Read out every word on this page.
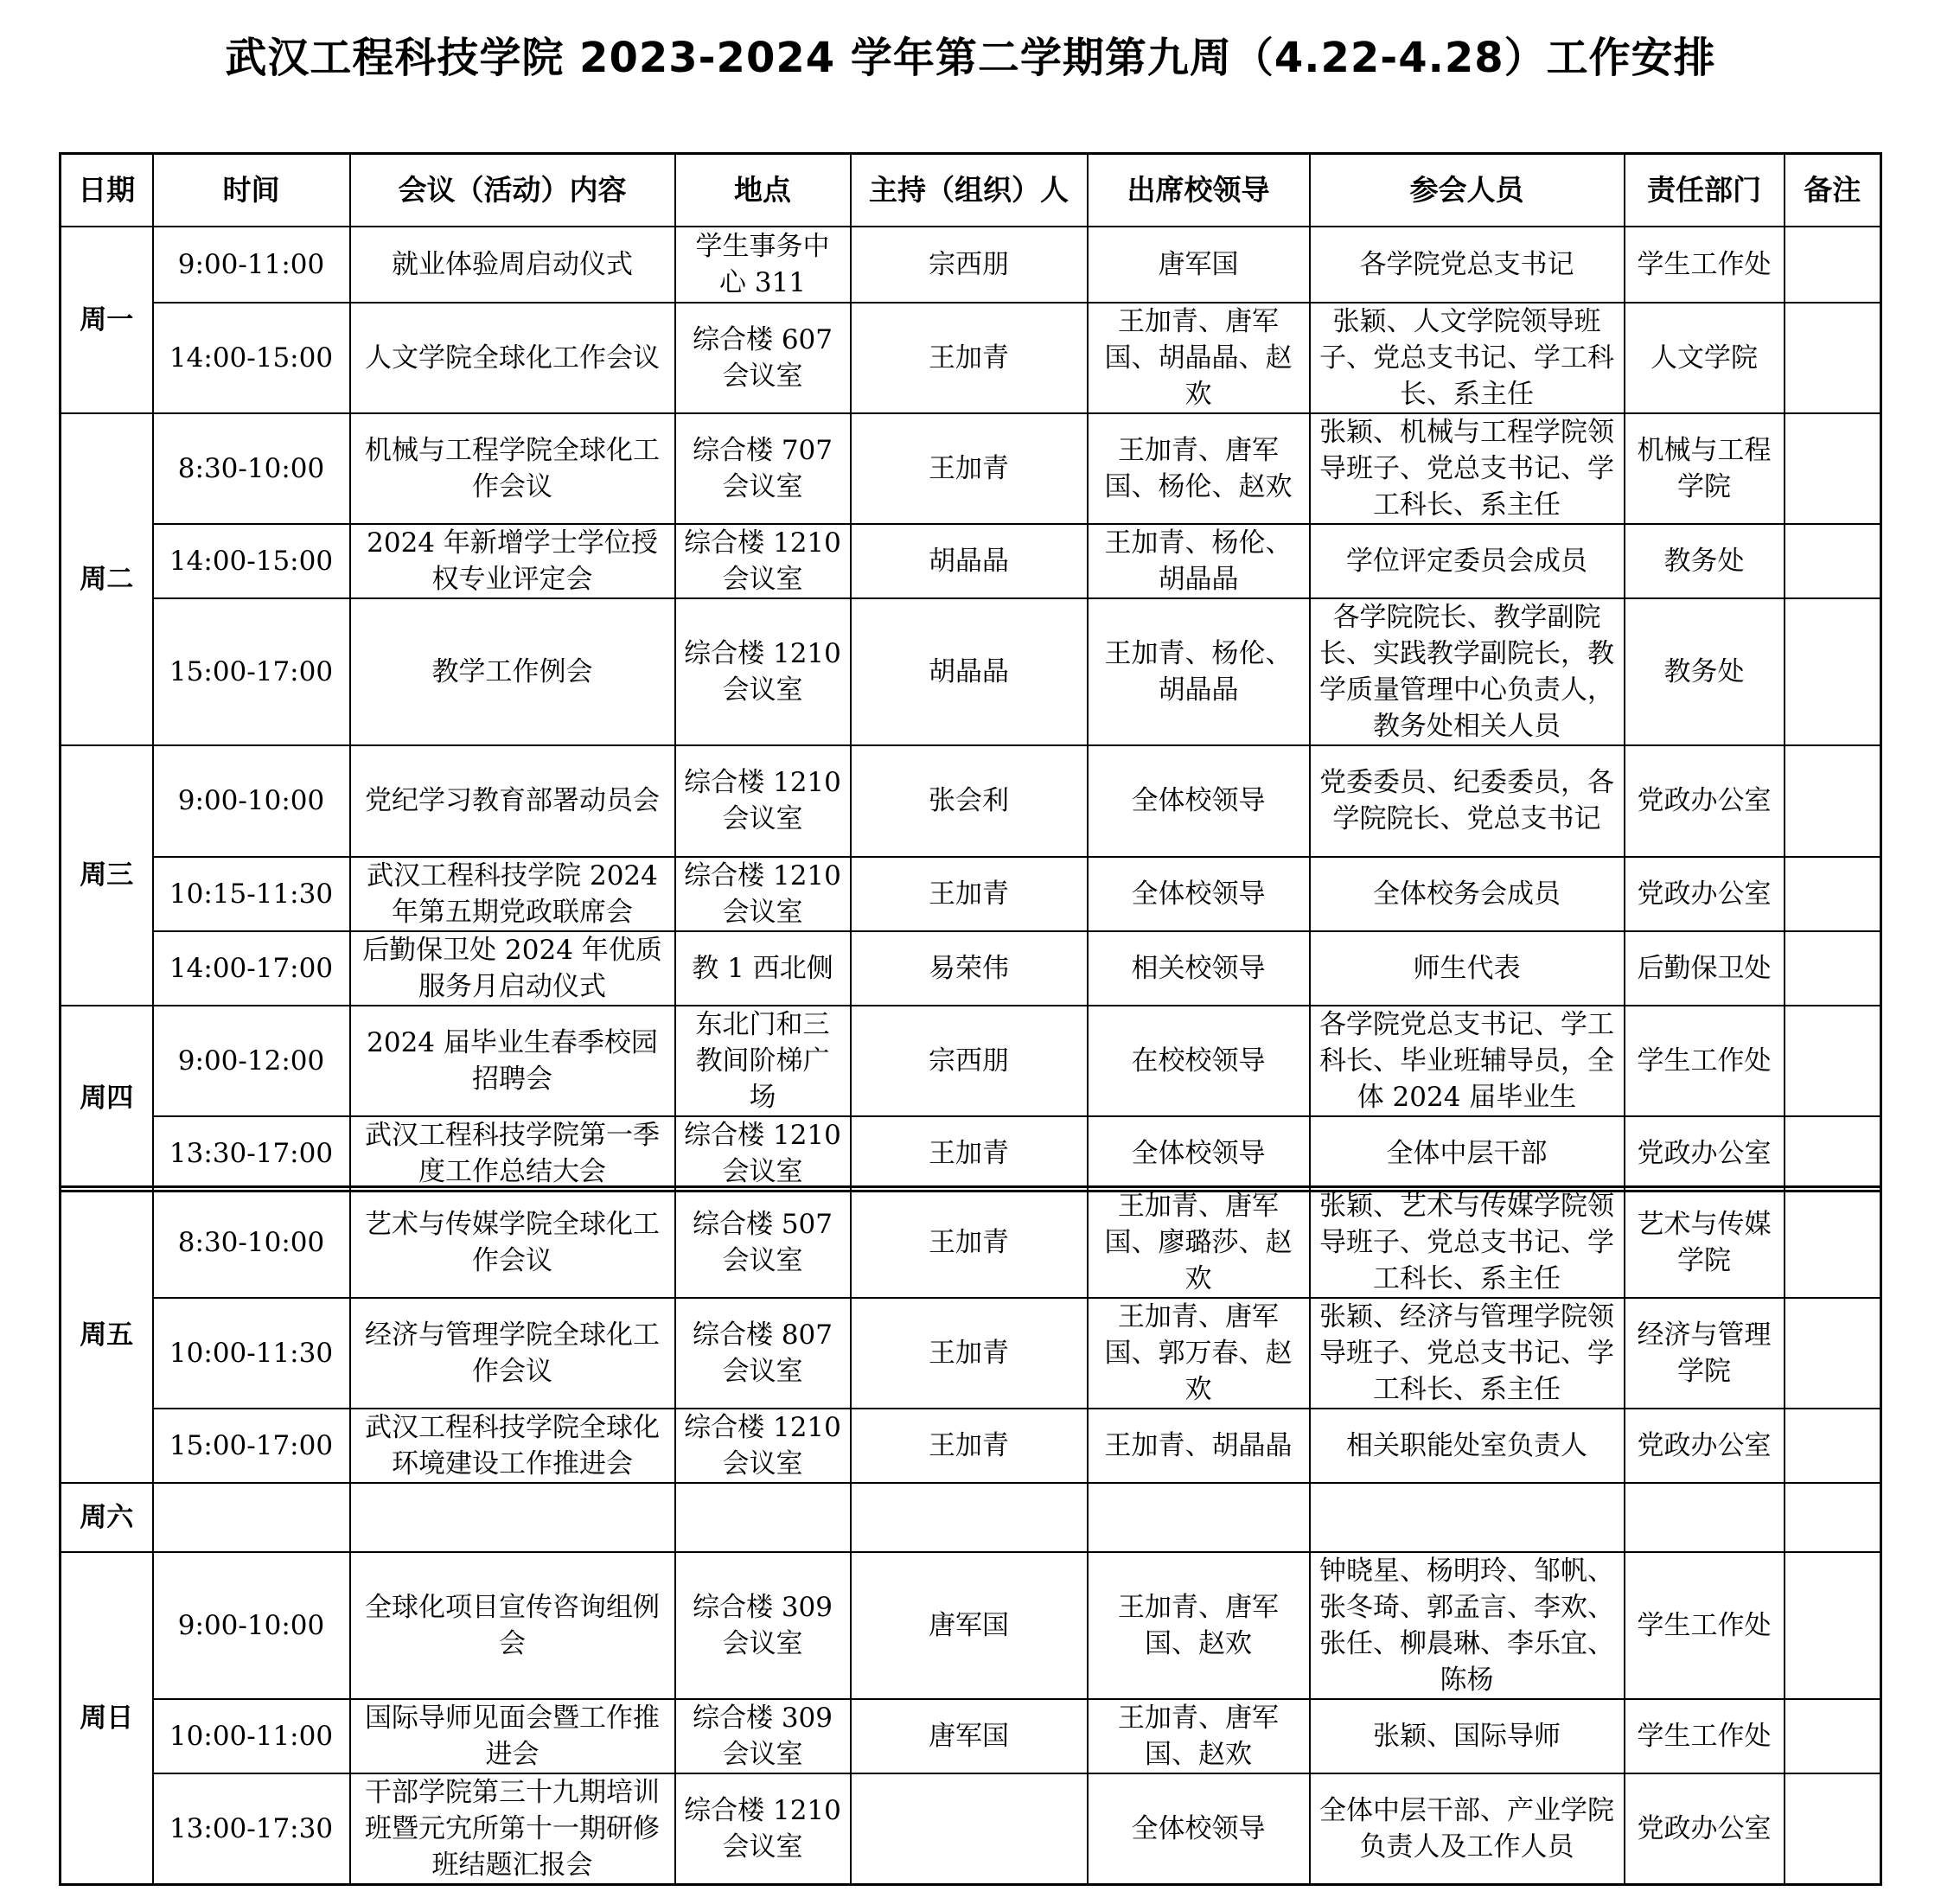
武汉工程科技学院 2023-2024 学年第二学期第九周（4.22-4.28）工作安排
日期	时间	会议（活动）内容	地点	主持（组织）人	出席校领导	参会人员	责任部门	备注
周一	9:00-11:00	就业体验周启动仪式	学生事务中心 311	宗西朋	唐军国	各学院党总支书记	学生工作处	
	14:00-15:00	人文学院全球化工作会议	综合楼 607 会议室	王加青	王加青、唐军国、胡晶晶、赵欢	张颖、人文学院领导班子、党总支书记、学工科长、系主任	人文学院	
周二	8:30-10:00	机械与工程学院全球化工作会议	综合楼 707 会议室	王加青	王加青、唐军国、杨伦、赵欢	张颖、机械与工程学院领导班子、党总支书记、学工科长、系主任	机械与工程学院	
	14:00-15:00	2024 年新增学士学位授权专业评定会	综合楼 1210 会议室	胡晶晶	王加青、杨伦、胡晶晶	学位评定委员会成员	教务处	
	15:00-17:00	教学工作例会	综合楼 1210 会议室	胡晶晶	王加青、杨伦、胡晶晶	各学院院长、教学副院长、实践教学副院长，教学质量管理中心负责人，教务处相关人员	教务处	
周三	9:00-10:00	党纪学习教育部署动员会	综合楼 1210 会议室	张会利	全体校领导	党委委员、纪委委员，各学院院长、党总支书记	党政办公室	
	10:15-11:30	武汉工程科技学院 2024 年第五期党政联席会	综合楼 1210 会议室	王加青	全体校领导	全体校务会成员	党政办公室	
	14:00-17:00	后勤保卫处 2024 年优质服务月启动仪式	教 1 西北侧	易荣伟	相关校领导	师生代表	后勤保卫处	
周四	9:00-12:00	2024 届毕业生春季校园招聘会	东北门和三教间阶梯广场	宗西朋	在校校领导	各学院党总支书记、学工科长、毕业班辅导员，全体 2024 届毕业生	学生工作处	
	13:30-17:00	武汉工程科技学院第一季度工作总结大会	综合楼 1210 会议室	王加青	全体校领导	全体中层干部	党政办公室	
周五	8:30-10:00	艺术与传媒学院全球化工作会议	综合楼 507 会议室	王加青	王加青、唐军国、廖璐莎、赵欢	张颖、艺术与传媒学院领导班子、党总支书记、学工科长、系主任	艺术与传媒学院	
	10:00-11:30	经济与管理学院全球化工作会议	综合楼 807 会议室	王加青	王加青、唐军国、郭万春、赵欢	张颖、经济与管理学院领导班子、党总支书记、学工科长、系主任	经济与管理学院	
	15:00-17:00	武汉工程科技学院全球化环境建设工作推进会	综合楼 1210 会议室	王加青	王加青、胡晶晶	相关职能处室负责人	党政办公室	
周六								
周日	9:00-10:00	全球化项目宣传咨询组例会	综合楼 309 会议室	唐军国	王加青、唐军国、赵欢	钟晓星、杨明玲、邹帆、张冬琦、郭孟言、李欢、张任、柳晨琳、李乐宜、陈杨	学生工作处	
	10:00-11:00	国际导师见面会暨工作推进会	综合楼 309 会议室	唐军国	王加青、唐军国、赵欢	张颖、国际导师	学生工作处	
	13:00-17:30	干部学院第三十九期培训班暨元宄所第十一期研修班结题汇报会	综合楼 1210 会议室		全体校领导	全体中层干部、产业学院负责人及工作人员	党政办公室	
